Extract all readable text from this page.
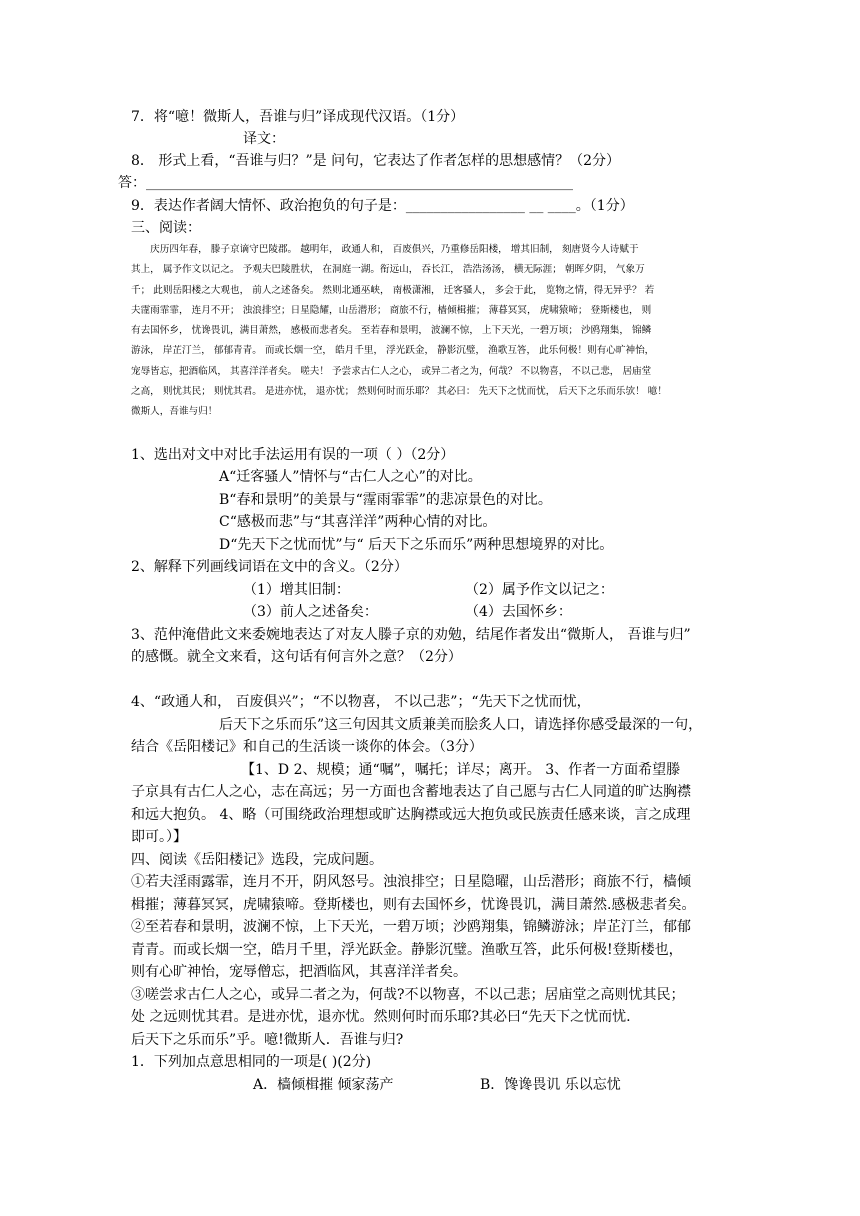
7．将“噫！微斯人，吾谁与归”译成现代汉语。（1分）
译文：
8． 形式上看，“吾谁与归？”是 问句，它表达了作者怎样的思想感情？（2分）
答：_____________________________________________________________
9．表达作者阔大情怀、政治抱负的句子是：_________________ __ ____。（1分）
三、阅读：

　　庆历四年春， 滕子京谪守巴陵郡。 越明年， 政通人和， 百废俱兴，乃重修岳阳楼， 增其旧制， 刻唐贤今人诗赋于

其上， 属予作文以记之。 予观夫巴陵胜状， 在洞庭一湖。衔远山， 吞长江， 浩浩汤汤， 横无际涯； 朝晖夕阴， 气象万

千； 此则岳阳楼之大观也， 前人之述备矣。 然则北通巫峡， 南极潇湘， 迁客骚人， 多会于此， 览物之情，得无异乎？ 若

夫霪雨霏霏， 连月不开； 浊浪排空；日星隐耀，山岳潜形； 商旅不行，樯倾楫摧； 薄暮冥冥， 虎啸猿啼； 登斯楼也， 则

有去国怀乡， 忧谗畏讥，满目萧然， 感极而悲者矣。 至若春和景明， 波澜不惊， 上下天光，一碧万顷； 沙鸥翔集， 锦鳞

游泳， 岸芷汀兰， 郁郁青青。 而或长烟一空， 皓月千里， 浮光跃金， 静影沉璧， 渔歌互答， 此乐何极！则有心旷神怡，

宠辱皆忘，把酒临风， 其喜洋洋者矣。 嗟夫！ 予尝求古仁人之心， 或异二者之为，何哉？ 不以物喜， 不以己悲， 居庙堂

之高， 则忧其民； 则忧其君。 是进亦忧， 退亦忧； 然则何时而乐耶？ 其必曰： 先天下之忧而忧， 后天下之乐而乐欤！ 噫！

微斯人，吾谁与归！

1、选出对文中对比手法运用有误的一项（ ）（2分）
A“迁客骚人”情怀与“古仁人之心”的对比。
B“春和景明”的美景与“霪雨霏霏”的悲凉景色的对比。
C“感极而悲”与“其喜洋洋”两种心情的对比。
D“先天下之忧而忧”与“ 后天下之乐而乐”两种思想境界的对比。
2、解释下列画线词语在文中的含义。（2分）
（1）增其旧制：	（2）属予作文以记之：
（3）前人之述备矣：	（4）去国怀乡：
3、范仲淹借此文来委婉地表达了对友人滕子京的劝勉，结尾作者发出“微斯人， 吾谁与归”
的感慨。就全文来看，这句话有何言外之意？（2分）
4、“政通人和， 百废俱兴”；“不以物喜， 不以己悲”；“先天下之忧而忧，
后天下之乐而乐”这三句因其文质兼美而脍炙人口，请选择你感受最深的一句，
结合《岳阳楼记》和自己的生活谈一谈你的体会。（3分）
【1、D 2、规模；通“嘱”，嘱托；详尽；离开。 3、作者一方面希望滕
子京具有古仁人之心，志在高远；另一方面也含蓄地表达了自己愿与古仁人同道的旷达胸襟
和远大抱负。 4、略（可围绕政治理想或旷达胸襟或远大抱负或民族责任感来谈，言之成理
即可。）】
四、阅读《岳阳楼记》选段，完成问题。
①若夫淫雨露霏，连月不开，阴风怒号。浊浪排空；日星隐曜，山岳潜形；商旅不行，樯倾
楫摧；薄暮冥冥，虎啸猿啼。登斯楼也，则有去国怀乡，忧谗畏讥，满目萧然.感极悲者矣。
②至若春和景明，波澜不惊，上下天光，一碧万顷；沙鸥翔集，锦鳞游泳；岸芷汀兰，郁郁
青青。而或长烟一空，皓月千里，浮光跃金。静影沉璧。渔歌互答，此乐何极!登斯楼也，
则有心旷神怡，宠辱僧忘，把酒临风，其喜洋洋者矣。
③嗟尝求古仁人之心，或异二者之为，何哉?不以物喜，不以己悲；居庙堂之高则忧其民；
处 之远则忧其君。是进亦忧，退亦忧。然则何时而乐耶?其必曰“先天下之忧而忧.
后天下之乐而乐”乎。噫!微斯人．吾谁与归?
1．下列加点意思相同的一项是( )(2分)
A．樯倾楫摧 倾家荡产	B．馋谗畏讥 乐以忘忧
